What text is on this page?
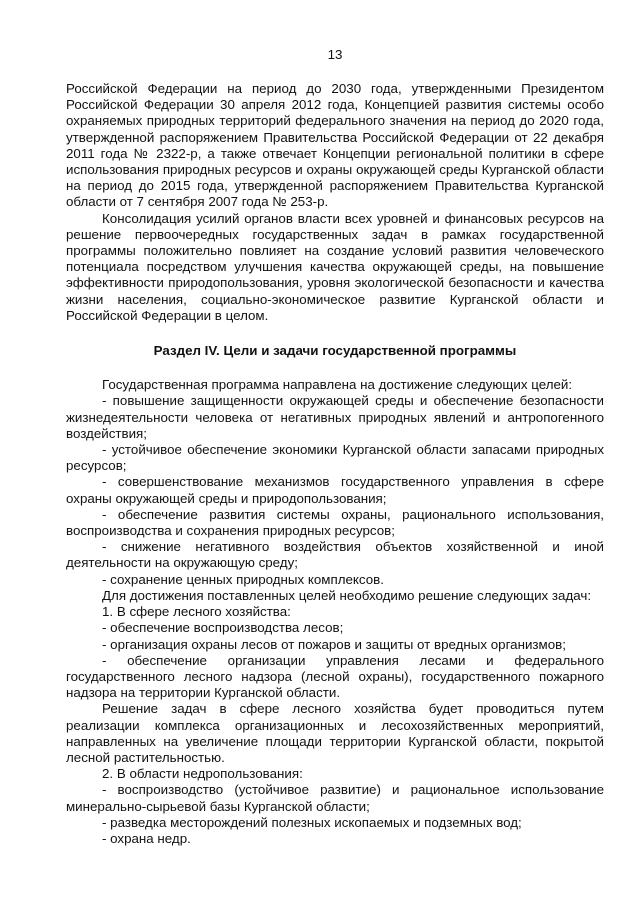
13

Российской Федерации на период до 2030 года, утвержденными Президентом Российской Федерации 30 апреля 2012 года, Концепцией развития системы особо охраняемых природных территорий федерального значения на период до 2020 года, утвержденной распоряжением Правительства Российской Федерации от 22 декабря 2011 года № 2322-р, а также отвечает Концепции региональной политики в сфере использования природных ресурсов и охраны окружающей среды Курганской области на период до 2015 года, утвержденной распоряжением Правительства Курганской области от 7 сентября 2007 года № 253-р.

Консолидация усилий органов власти всех уровней и финансовых ресурсов на решение первоочередных государственных задач в рамках государственной программы положительно повлияет на создание условий развития человеческого потенциала посредством улучшения качества окружающей среды, на повышение эффективности природопользования, уровня экологической безопасности и качества жизни населения, социально-экономическое развитие Курганской области и Российской Федерации в целом.

Раздел IV. Цели и задачи государственной программы

Государственная программа направлена на достижение следующих целей:

- повышение защищенности окружающей среды и обеспечение безопасности жизнедеятельности человека от негативных природных явлений и антропогенного воздействия;

- устойчивое обеспечение экономики Курганской области запасами природных ресурсов;

- совершенствование механизмов государственного управления в сфере охраны окружающей среды и природопользования;

- обеспечение развития системы охраны, рационального использования, воспроизводства и сохранения природных ресурсов;

- снижение негативного воздействия объектов хозяйственной и иной деятельности на окружающую среду;

- сохранение ценных природных комплексов.

Для достижения поставленных целей необходимо решение следующих задач:

1. В сфере лесного хозяйства:

- обеспечение воспроизводства лесов;

- организация охраны лесов от пожаров и защиты от вредных организмов;

- обеспечение организации управления лесами и федерального государственного лесного надзора (лесной охраны), государственного пожарного надзора на территории Курганской области.

Решение задач в сфере лесного хозяйства будет проводиться путем реализации комплекса организационных и лесохозяйственных мероприятий, направленных на увеличение площади территории Курганской области, покрытой лесной растительностью.

2. В области недропользования:

- воспроизводство (устойчивое развитие) и рациональное использование минерально-сырьевой базы Курганской области;

- разведка месторождений полезных ископаемых и подземных вод;

- охрана недр.
